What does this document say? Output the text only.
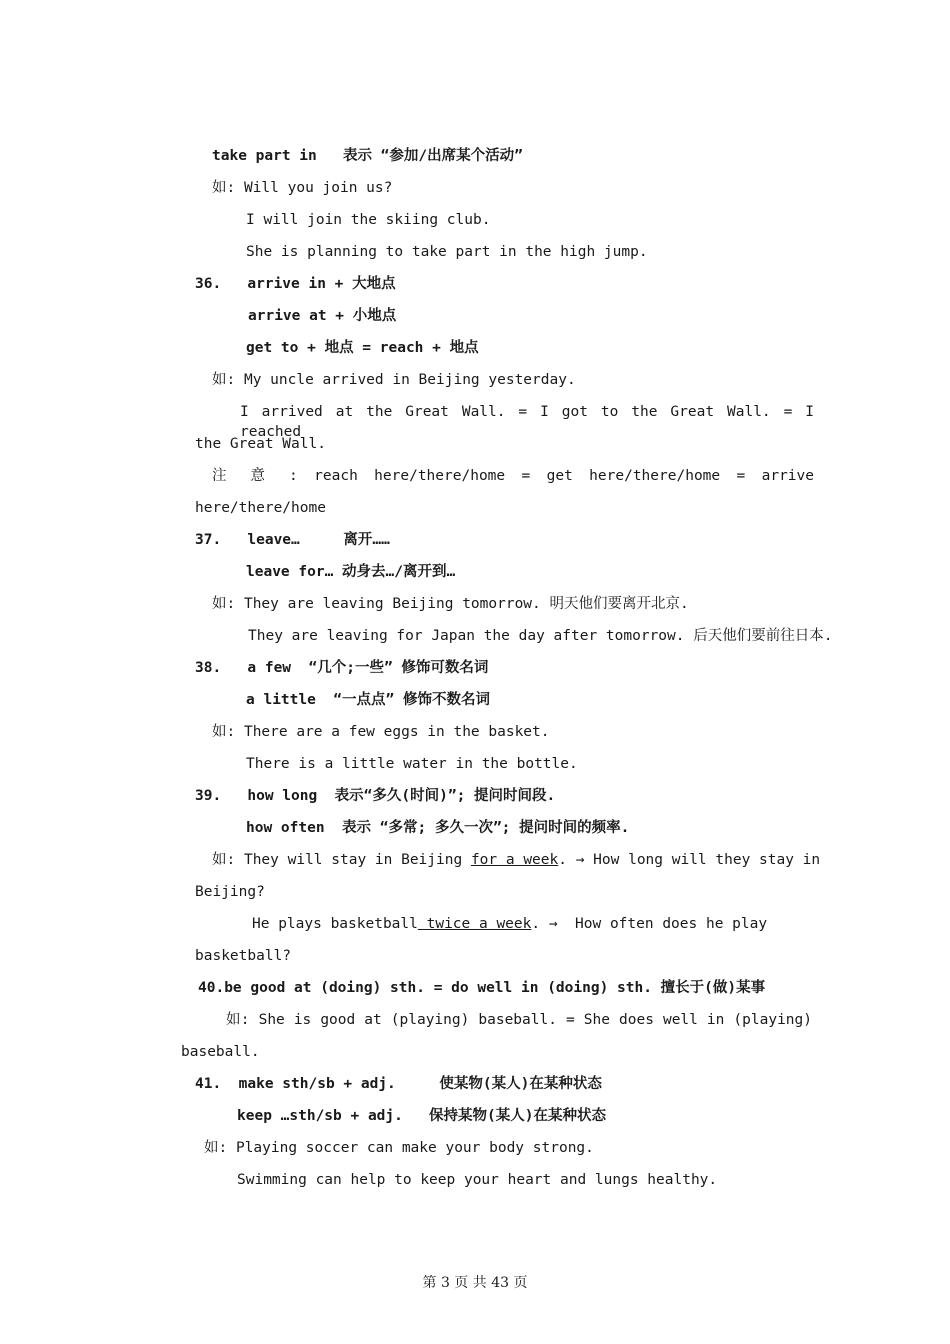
take part in   表示 “参加/出席某个活动”
如: Will you join us?
I will join the skiing club.
She is planning to take part in the high jump.
36.   arrive in + 大地点
arrive at + 小地点
get to + 地点 = reach + 地点
如: My uncle arrived in Beijing yesterday.
I arrived at the Great Wall. = I got to the Great Wall. = I reached
the Great Wall.
注 意 : reach here/there/home = get here/there/home = arrive
here/there/home
37.   leave…     离开……
leave for… 动身去…/离开到…
如: They are leaving Beijing tomorrow. 明天他们要离开北京.
They are leaving for Japan the day after tomorrow. 后天他们要前往日本.
38.   a few  “几个;一些” 修饰可数名词
a little  “一点点” 修饰不数名词
如: There are a few eggs in the basket.
There is a little water in the bottle.
39.   how long  表示“多久(时间)”; 提问时间段.
how often  表示 “多常; 多久一次”; 提问时间的频率.
如: They will stay in Beijing for a week. → How long will they stay in
Beijing?
He plays basketball twice a week. →  How often does he play
basketball?
40.be good at (doing) sth. = do well in (doing) sth. 擅长于(做)某事
如: She is good at (playing) baseball. = She does well in (playing)
baseball.
41.  make sth/sb + adj.     使某物(某人)在某种状态
keep …sth/sb + adj.   保持某物(某人)在某种状态
如: Playing soccer can make your body strong.
Swimming can help to keep your heart and lungs healthy.
第 3 页 共 43 页
